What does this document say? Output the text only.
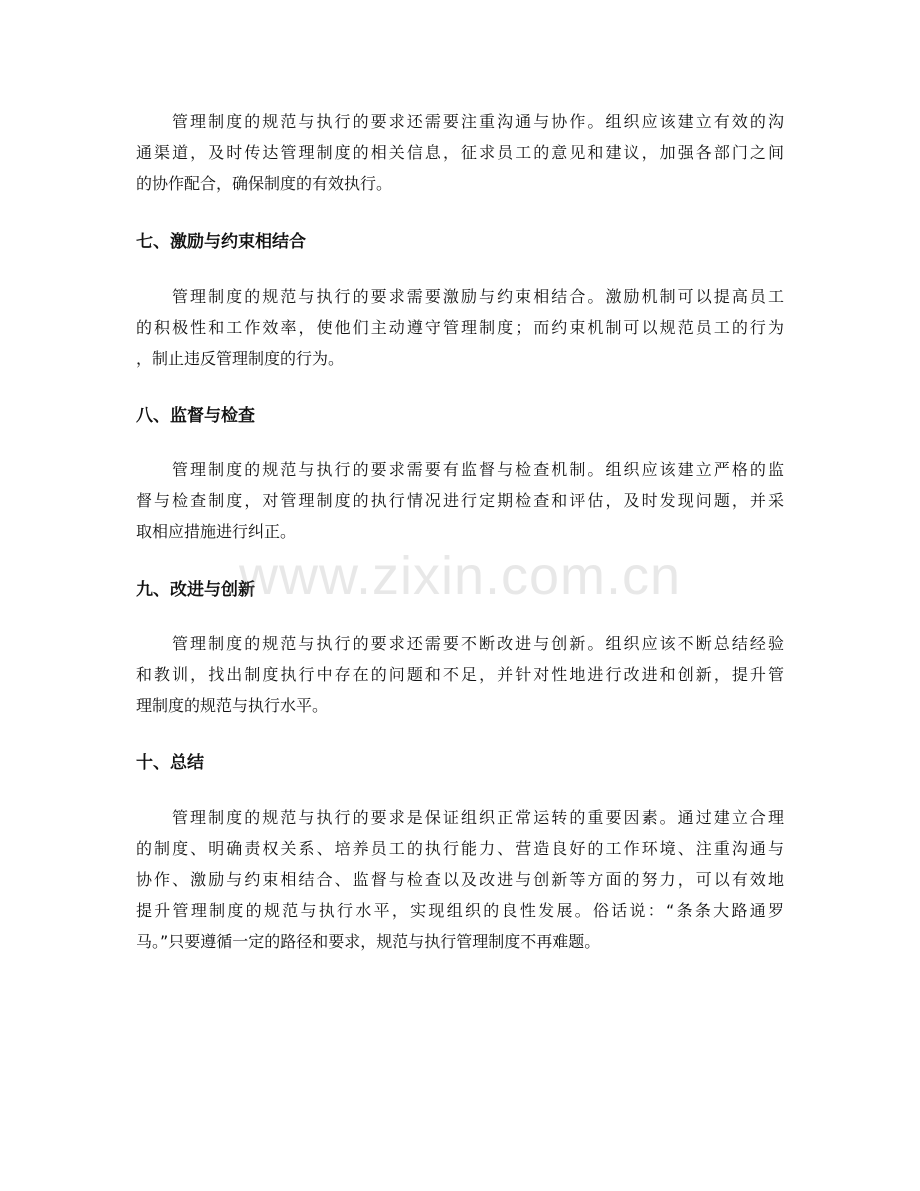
管理制度的规范与执行的要求还需要注重沟通与协作。组织应该建立有效的沟
通渠道，及时传达管理制度的相关信息，征求员工的意见和建议，加强各部门之间
的协作配合，确保制度的有效执行。

七、激励与约束相结合

管理制度的规范与执行的要求需要激励与约束相结合。激励机制可以提高员工
的积极性和工作效率，使他们主动遵守管理制度；而约束机制可以规范员工的行为
，制止违反管理制度的行为。

八、监督与检查

管理制度的规范与执行的要求需要有监督与检查机制。组织应该建立严格的监
督与检查制度，对管理制度的执行情况进行定期检查和评估，及时发现问题，并采
取相应措施进行纠正。

九、改进与创新

管理制度的规范与执行的要求还需要不断改进与创新。组织应该不断总结经验
和教训，找出制度执行中存在的问题和不足，并针对性地进行改进和创新，提升管
理制度的规范与执行水平。

十、总结

管理制度的规范与执行的要求是保证组织正常运转的重要因素。通过建立合理
的制度、明确责权关系、培养员工的执行能力、营造良好的工作环境、注重沟通与
协作、激励与约束相结合、监督与检查以及改进与创新等方面的努力，可以有效地
提升管理制度的规范与执行水平，实现组织的良性发展。俗话说：“条条大路通罗
马。”只要遵循一定的路径和要求，规范与执行管理制度不再难题。

www.zixin.com.cn
